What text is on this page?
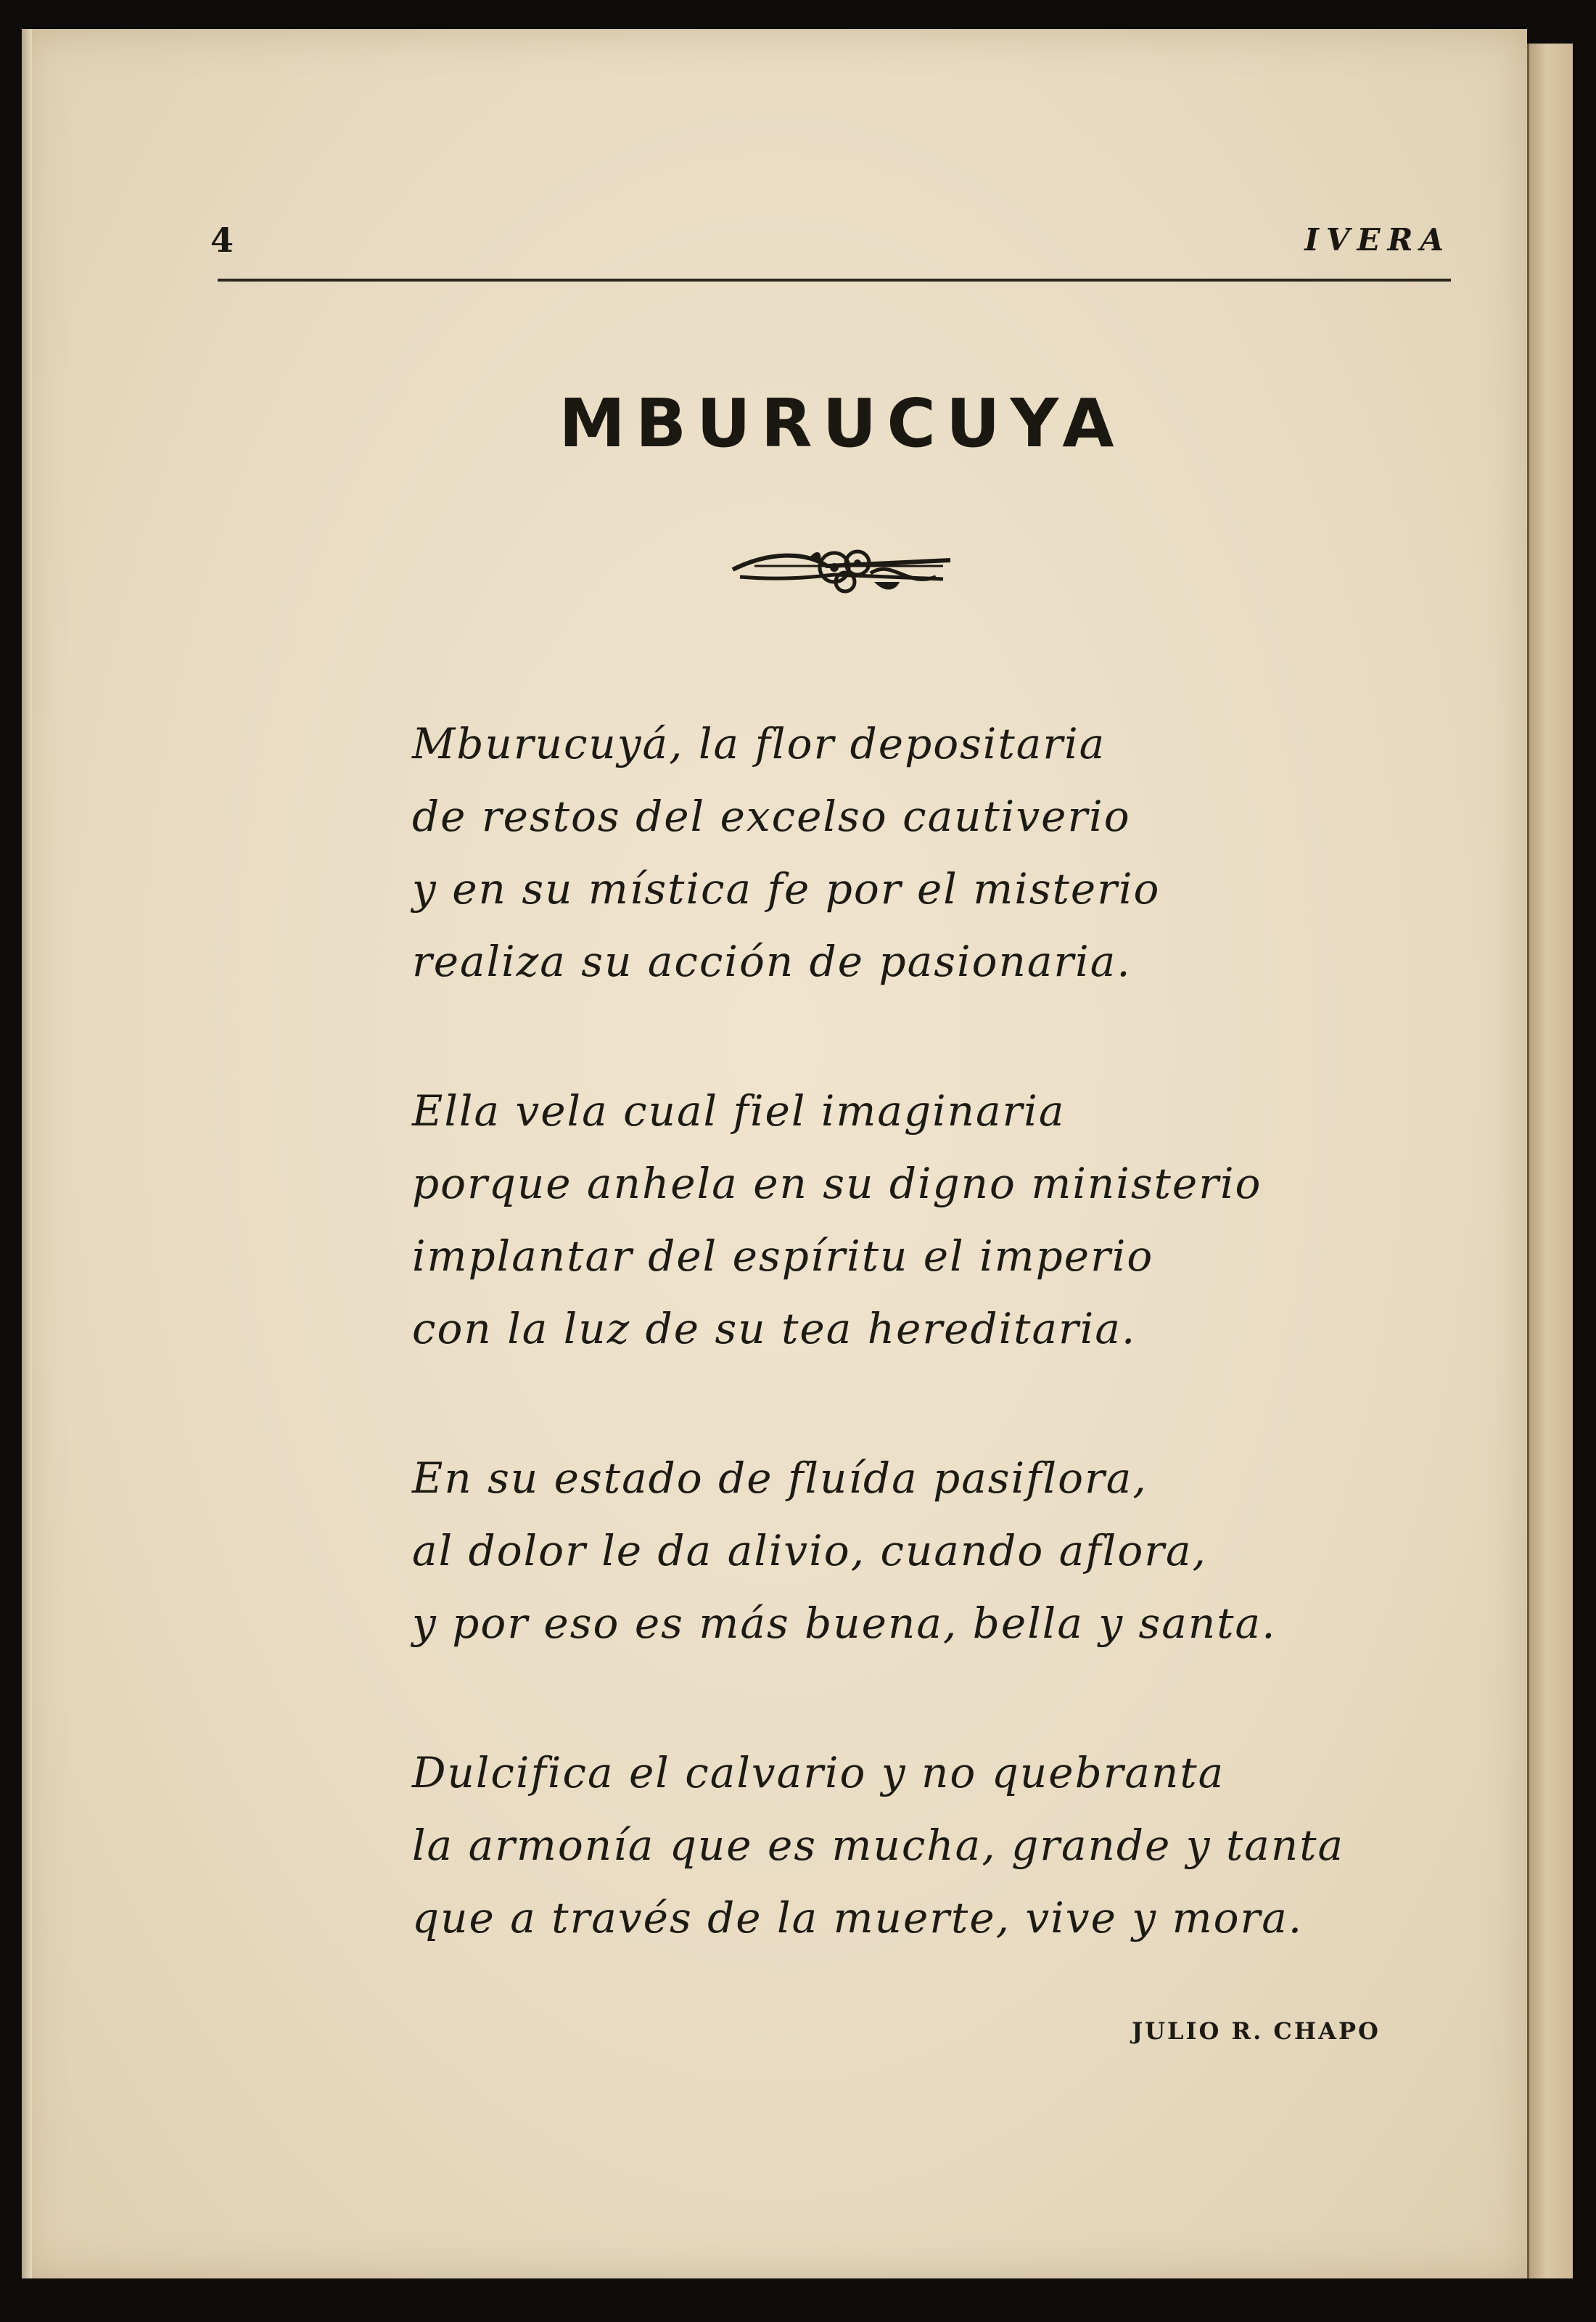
4	IVERA
MBURUCUYA
Mburucuyá, la flor depositaria
de restos del excelso cautiverio
y en su mística fe por el misterio
realiza su acción de pasionaria.
Ella vela cual fiel imaginaria
porque anhela en su digno ministerio
implantar del espíritu el imperio
con la luz de su tea hereditaria.
En su estado de fluída pasiflora,
al dolor le da alivio, cuando aflora,
y por eso es más buena, bella y santa.
Dulcifica el calvario y no quebranta
la armonía que es mucha, grande y tanta
que a través de la muerte, vive y mora.
JULIO R. CHAPO
